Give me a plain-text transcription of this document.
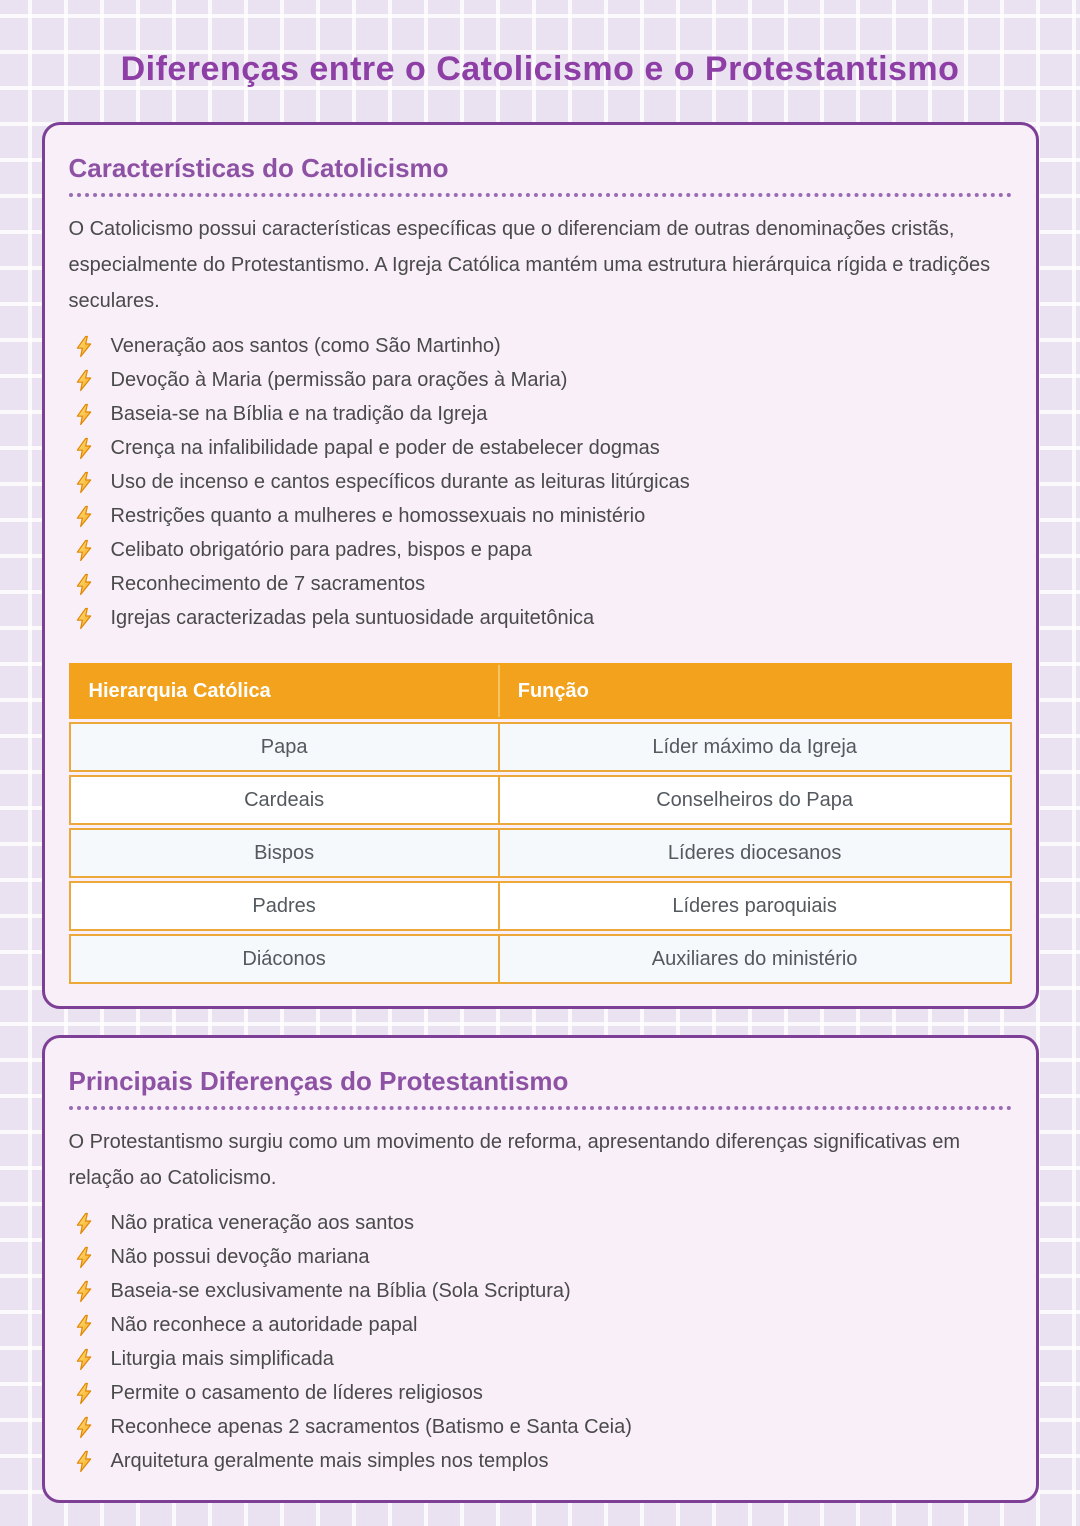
Diferenças entre o Catolicismo e o Protestantismo
Características do Catolicismo

O Catolicismo possui características específicas que o diferenciam de outras denominações cristãs, especialmente do Protestantismo. A Igreja Católica mantém uma estrutura hierárquica rígida e tradições seculares.

Veneração aos santos (como São Martinho)
Devoção à Maria (permissão para orações à Maria)
Baseia-se na Bíblia e na tradição da Igreja
Crença na infalibilidade papal e poder de estabelecer dogmas
Uso de incenso e cantos específicos durante as leituras litúrgicas
Restrições quanto a mulheres e homossexuais no ministério
Celibato obrigatório para padres, bispos e papa
Reconhecimento de 7 sacramentos
Igrejas caracterizadas pela suntuosidade arquitetônica
Hierarquia Católica	Função
Papa	Líder máximo da Igreja
Cardeais	Conselheiros do Papa
Bispos	Líderes diocesanos
Padres	Líderes paroquiais
Diáconos	Auxiliares do ministério
Principais Diferenças do Protestantismo

O Protestantismo surgiu como um movimento de reforma, apresentando diferenças significativas em relação ao Catolicismo.

Não pratica veneração aos santos
Não possui devoção mariana
Baseia-se exclusivamente na Bíblia (Sola Scriptura)
Não reconhece a autoridade papal
Liturgia mais simplificada
Permite o casamento de líderes religiosos
Reconhece apenas 2 sacramentos (Batismo e Santa Ceia)
Arquitetura geralmente mais simples nos templos
